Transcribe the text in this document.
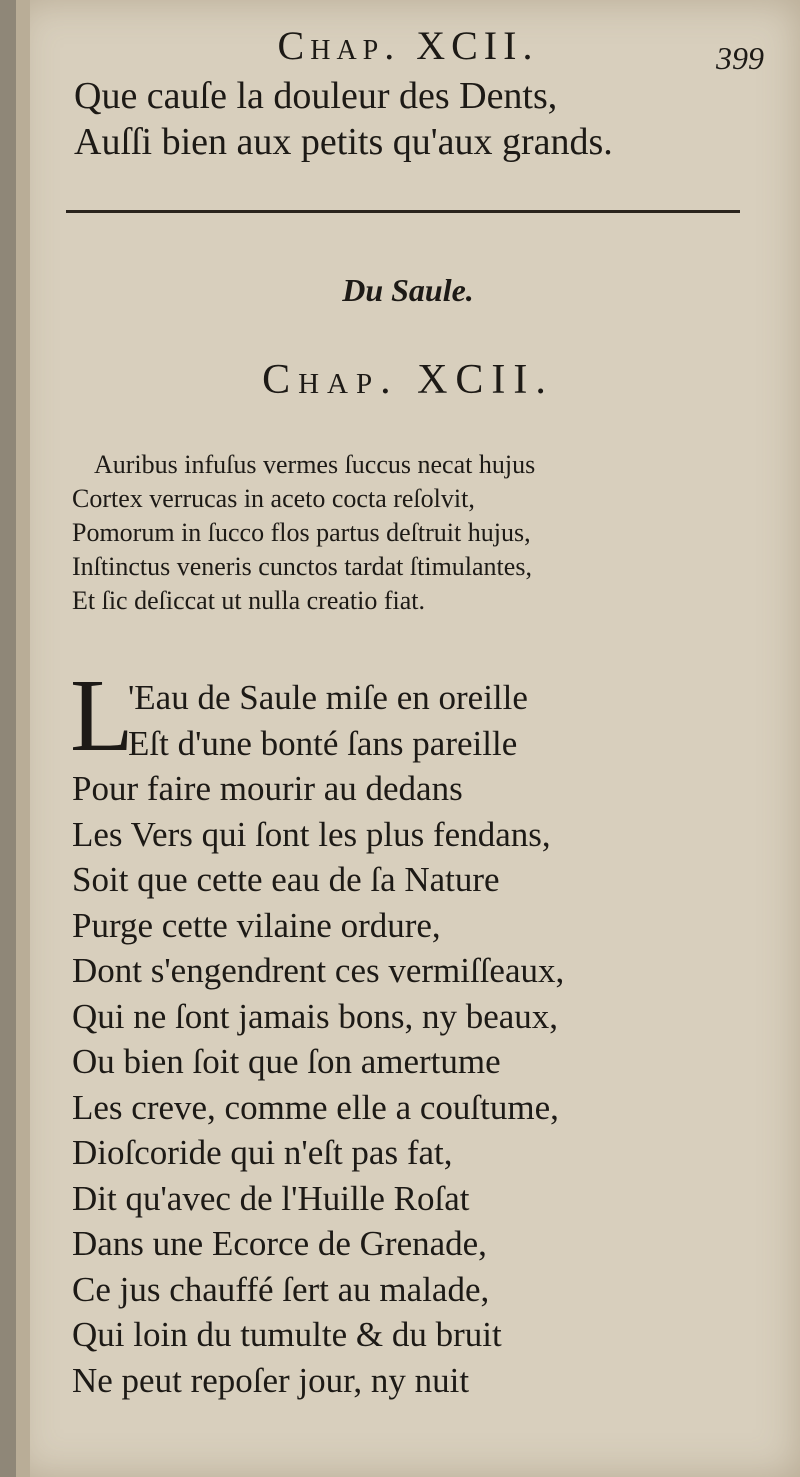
Chap. XCII.	399
Que cauſe la douleur des Dents,
Auſſi bien aux petits qu'aux grands.
Du Saule.
Chap. XCII.
Auribus infuſus vermes ſuccus necat hujus
Cortex verrucas in aceto cocta reſolvit,
Pomorum in ſucco flos partus deſtruit hujus,
Inſtinctus veneris cunctos tardat ſtimulantes,
Et ſic deſiccat ut nulla creatio fiat.
L
'Eau de Saule miſe en oreille
Eſt d'une bonté ſans pareille
Pour faire mourir au dedans
Les Vers qui ſont les plus fendans,
Soit que cette eau de ſa Nature
Purge cette vilaine ordure,
Dont s'engendrent ces vermiſſeaux,
Qui ne ſont jamais bons, ny beaux,
Ou bien ſoit que ſon amertume
Les creve, comme elle a couſtume,
Dioſcoride qui n'eſt pas fat,
Dit qu'avec de l'Huille Roſat
Dans une Ecorce de Grenade,
Ce jus chauffé ſert au malade,
Qui loin du tumulte & du bruit
Ne peut repoſer jour, ny nuit
